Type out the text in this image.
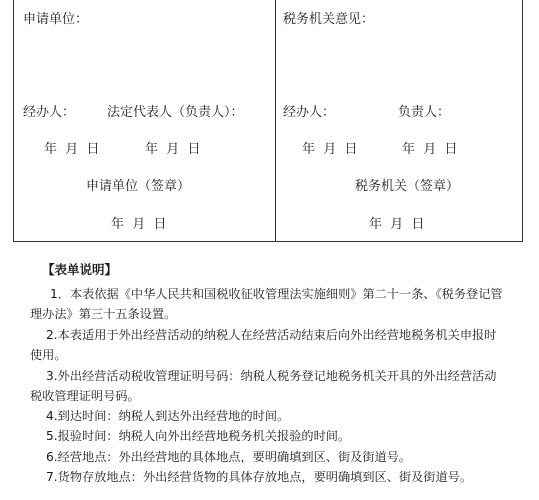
申请单位：
经办人： 法定代表人（负责人）：
年  月  日	年  月  日
申请单位（签章）
年  月  日
税务机关意见：
经办人：	负责人：
年  月  日	年  月  日
税务机关（签章）
年  月  日
【表单说明】
1．本表依据《中华人民共和国税收征收管理法实施细则》第二十一条、《税务登记管
理办法》第三十五条设置。
2.本表适用于外出经营活动的纳税人在经营活动结束后向外出经营地税务机关申报时
使用。
3.外出经营活动税收管理证明号码：纳税人税务登记地税务机关开具的外出经营活动
税收管理证明号码。
4.到达时间：纳税人到达外出经营地的时间。
5.报验时间：纳税人向外出经营地税务机关报验的时间。
6.经营地点：外出经营地的具体地点，要明确填到区、街及街道号。
7.货物存放地点：外出经营货物的具体存放地点，要明确填到区、街及街道号。
